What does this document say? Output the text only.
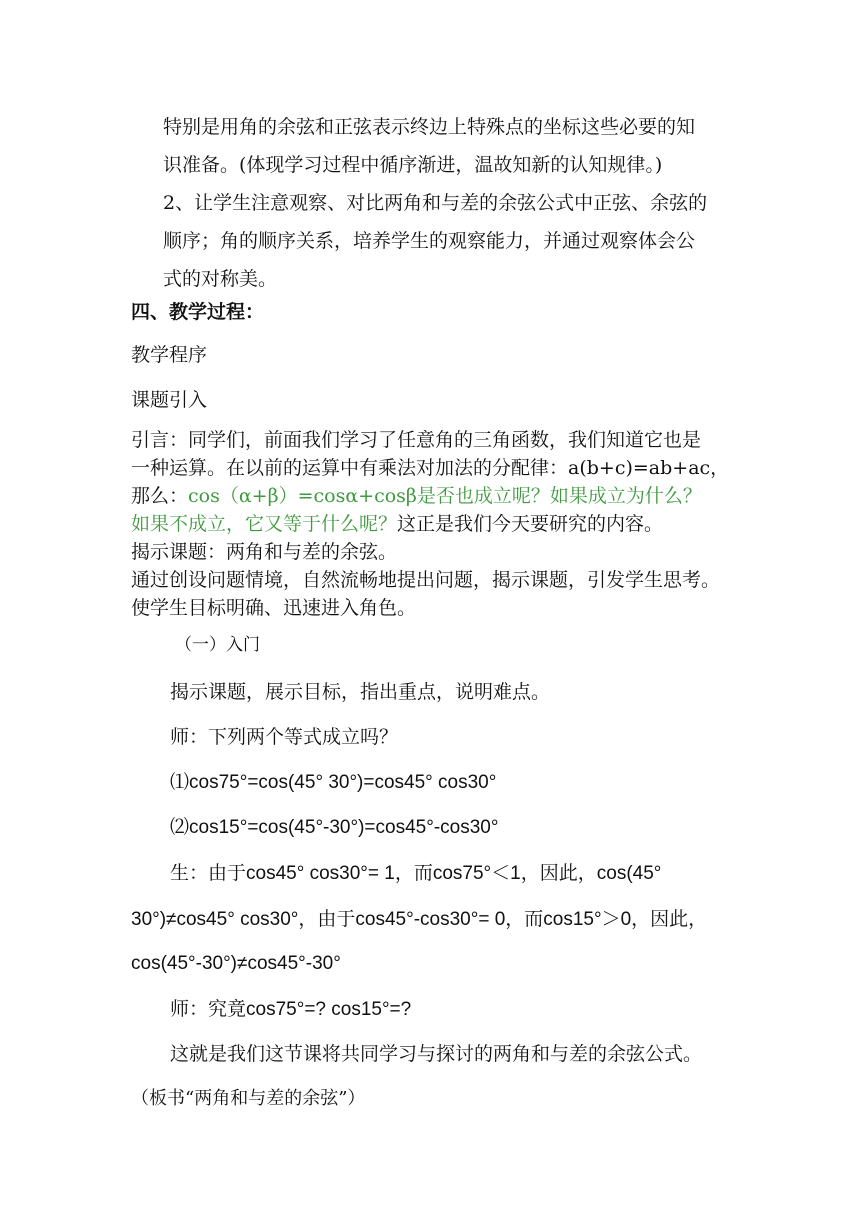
特别是用角的余弦和正弦表示终边上特殊点的坐标这些必要的知
识准备。(体现学习过程中循序渐进，温故知新的认知规律。)
2、让学生注意观察、对比两角和与差的余弦公式中正弦、余弦的
顺序；角的顺序关系，培养学生的观察能力，并通过观察体会公
式的对称美。
四、教学过程：
教学程序
课题引入
引言：同学们，前面我们学习了任意角的三角函数，我们知道它也是
一种运算。在以前的运算中有乘法对加法的分配律：a(b+c)=ab+ac，
那么：cos（α+β）=cosα+cosβ是否也成立呢？如果成立为什么？
如果不成立，它又等于什么呢？这正是我们今天要研究的内容。
揭示课题：两角和与差的余弦。
通过创设问题情境，自然流畅地提出问题，揭示课题，引发学生思考。
使学生目标明确、迅速进入角色。
（一）入门
揭示课题，展示目标，指出重点，说明难点。
师：下列两个等式成立吗？
⑴cos75°=cos(45° 30°)=cos45° cos30°
⑵cos15°=cos(45°-30°)=cos45°-cos30°
生：由于cos45° cos30°= 1，而cos75°＜1，因此，cos(45°
30°)≠cos45° cos30°，由于cos45°-cos30°= 0，而cos15°＞0，因此，
cos(45°-30°)≠cos45°-30°
师：究竟cos75°=? cos15°=?
这就是我们这节课将共同学习与探讨的两角和与差的余弦公式。
（板书“两角和与差的余弦”）
